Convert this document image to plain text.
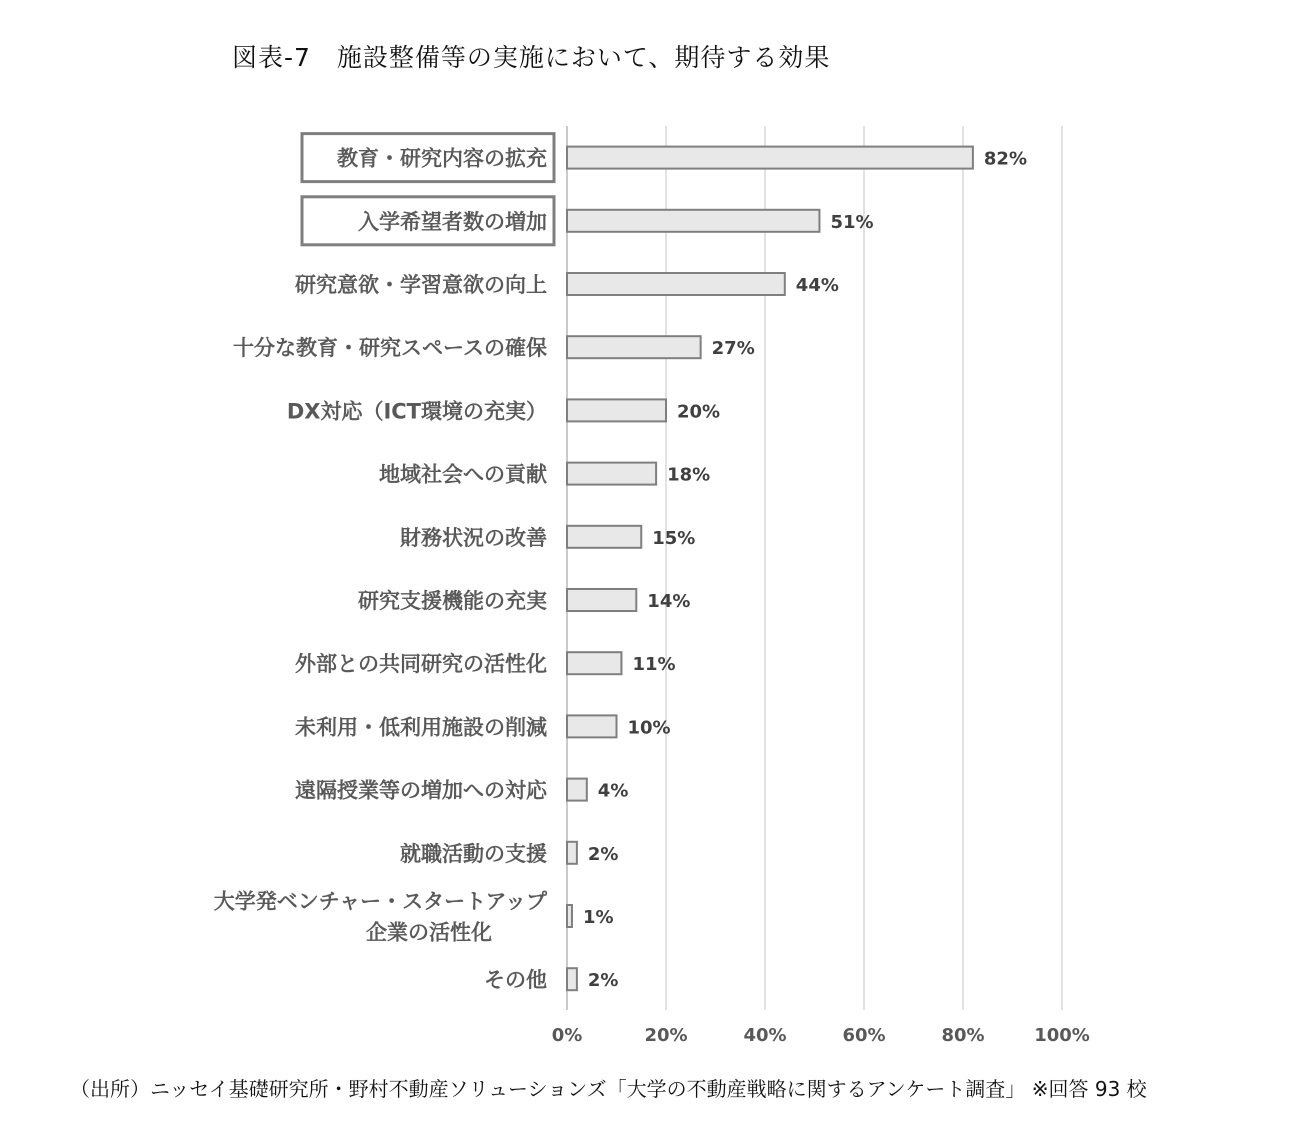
図表-7　施設整備等の実施において、期待する効果
82%
51%
44%
27%
20%
18%
15%
14%
11%
10%
4%
2%
1%
2%
教育・研究内容の拡充
入学希望者数の増加
研究意欲・学習意欲の向上
十分な教育・研究スペースの確保
DX対応（ICT環境の充実）
地域社会への貢献
財務状況の改善
研究支援機能の充実
外部との共同研究の活性化
未利用・低利用施設の削減
遠隔授業等の増加への対応
就職活動の支援
大学発ベンチャー・スタートアップ企業の活性化
その他
0%	20%	40%	60%	80%	100%
（出所）ニッセイ基礎研究所・野村不動産ソリューションズ「大学の不動産戦略に関するアンケート調査」 ※回答 93 校
